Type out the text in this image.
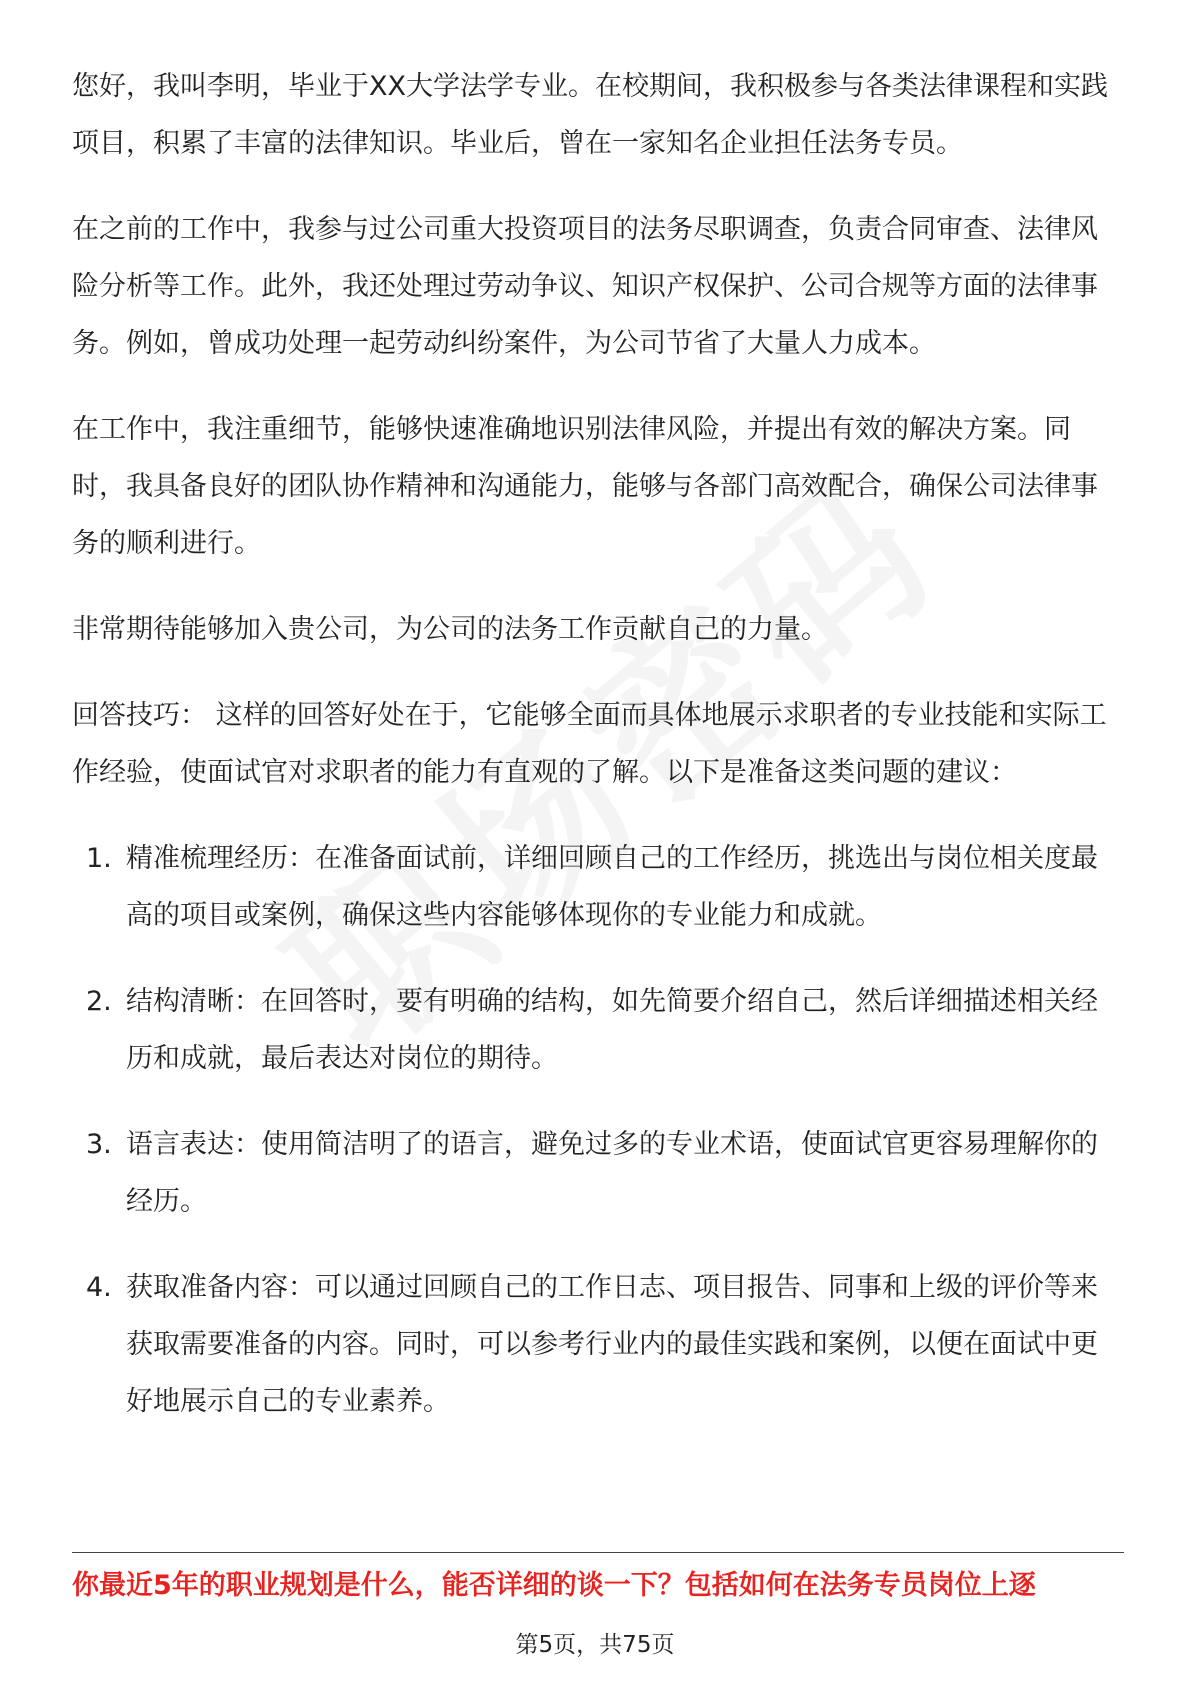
您好，我叫李明，毕业于XX大学法学专业。在校期间，我积极参与各类法律课程和实践项目，积累了丰富的法律知识。毕业后，曾在一家知名企业担任法务专员。

在之前的工作中，我参与过公司重大投资项目的法务尽职调查，负责合同审查、法律风险分析等工作。此外，我还处理过劳动争议、知识产权保护、公司合规等方面的法律事务。例如，曾成功处理一起劳动纠纷案件，为公司节省了大量人力成本。

在工作中，我注重细节，能够快速准确地识别法律风险，并提出有效的解决方案。同时，我具备良好的团队协作精神和沟通能力，能够与各部门高效配合，确保公司法律事务的顺利进行。

非常期待能够加入贵公司，为公司的法务工作贡献自己的力量。

回答技巧： 这样的回答好处在于，它能够全面而具体地展示求职者的专业技能和实际工作经验，使面试官对求职者的能力有直观的了解。以下是准备这类问题的建议：

1. 精准梳理经历：在准备面试前，详细回顾自己的工作经历，挑选出与岗位相关度最高的项目或案例，确保这些内容能够体现你的专业能力和成就。
2. 结构清晰：在回答时，要有明确的结构，如先简要介绍自己，然后详细描述相关经历和成就，最后表达对岗位的期待。
3. 语言表达：使用简洁明了的语言，避免过多的专业术语，使面试官更容易理解你的经历。
4. 获取准备内容：可以通过回顾自己的工作日志、项目报告、同事和上级的评价等来获取需要准备的内容。同时，可以参考行业内的最佳实践和案例，以便在面试中更好地展示自己的专业素养。
你最近5年的职业规划是什么，能否详细的谈一下？包括如何在法务专员岗位上逐
第5页，共75页
